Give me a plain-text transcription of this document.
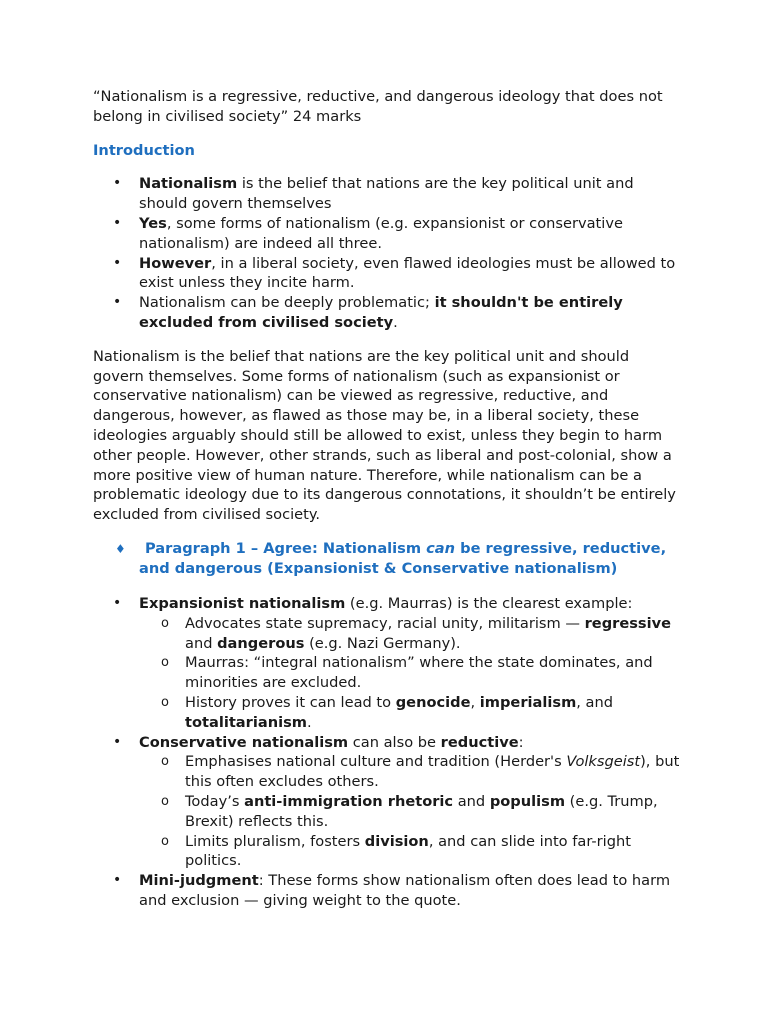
“Nationalism is a regressive, reductive, and dangerous ideology that does not belong in civilised society” 24 marks

Introduction

• Nationalism is the belief that nations are the key political unit and should govern themselves
• Yes, some forms of nationalism (e.g. expansionist or conservative nationalism) are indeed all three.
• However, in a liberal society, even flawed ideologies must be allowed to exist unless they incite harm.
• Nationalism can be deeply problematic; it shouldn't be entirely excluded from civilised society.

Nationalism is the belief that nations are the key political unit and should govern themselves. Some forms of nationalism (such as expansionist or conservative nationalism) can be viewed as regressive, reductive, and dangerous, however, as flawed as those may be, in a liberal society, these ideologies arguably should still be allowed to exist, unless they begin to harm other people. However, other strands, such as liberal and post-colonial, show a more positive view of human nature. Therefore, while nationalism can be a problematic ideology due to its dangerous connotations, it shouldn’t be entirely excluded from civilised society.

♦ Paragraph 1 – Agree: Nationalism can be regressive, reductive, and dangerous (Expansionist & Conservative nationalism)
• Expansionist nationalism (e.g. Maurras) is the clearest example:
o Advocates state supremacy, racial unity, militarism — regressive and dangerous (e.g. Nazi Germany).
o Maurras: “integral nationalism” where the state dominates, and minorities are excluded.
o History proves it can lead to genocide, imperialism, and totalitarianism.
• Conservative nationalism can also be reductive:
o Emphasises national culture and tradition (Herder's Volksgeist), but this often excludes others.
o Today’s anti-immigration rhetoric and populism (e.g. Trump, Brexit) reflects this.
o Limits pluralism, fosters division, and can slide into far-right politics.
• Mini-judgment: These forms show nationalism often does lead to harm and exclusion — giving weight to the quote.
